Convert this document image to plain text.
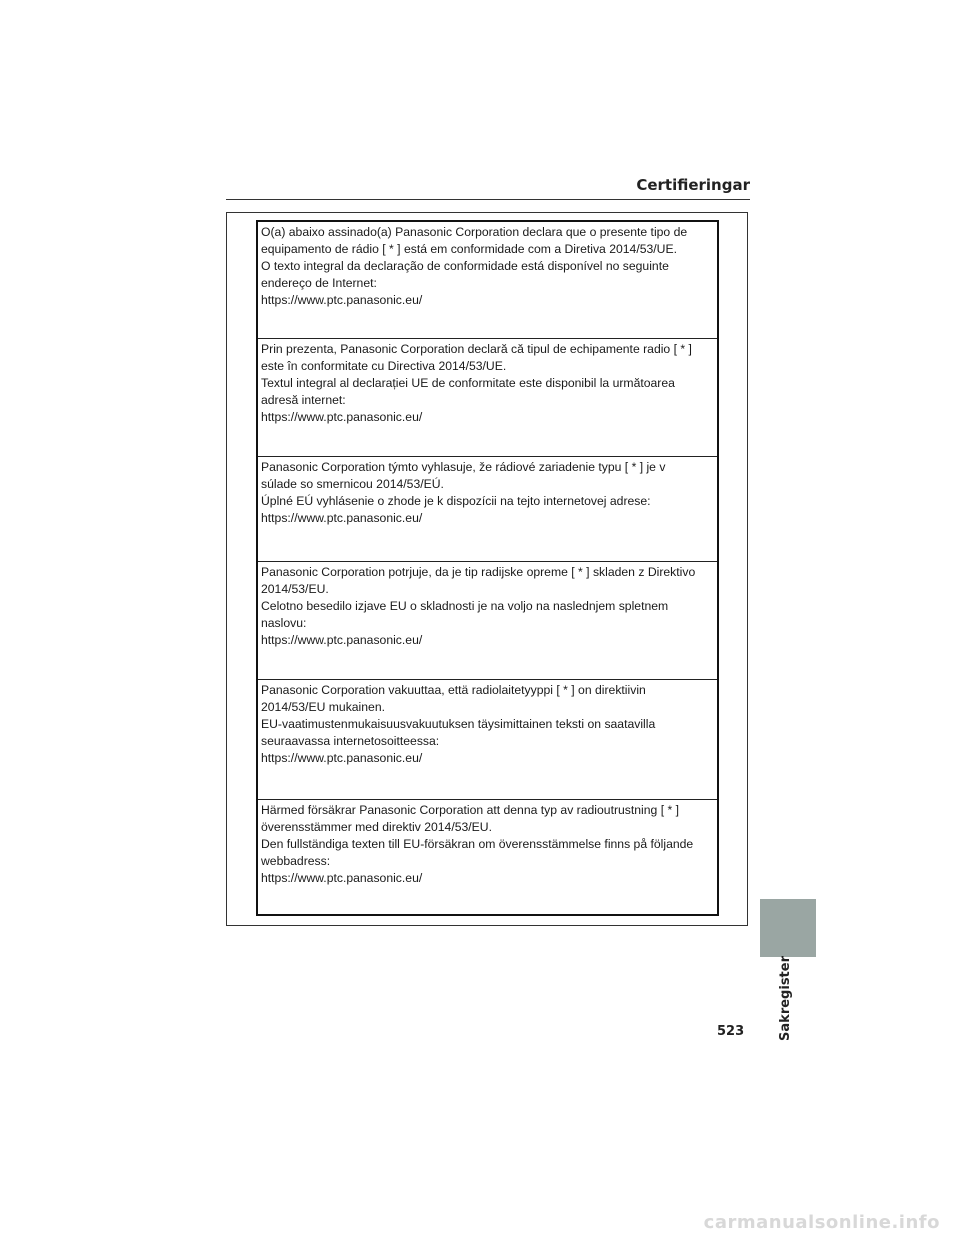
Certifieringar

O(a) abaixo assinado(a) Panasonic Corporation declara que o presente tipo de

equipamento de rádio [ * ] está em conformidade com a Diretiva 2014/53/UE.

O texto integral da declaração de conformidade está disponível no seguinte

endereço de Internet:

https://www.ptc.panasonic.eu/

Prin prezenta, Panasonic Corporation declară că tipul de echipamente radio [ * ]

este în conformitate cu Directiva 2014/53/UE.

Textul integral al declarației UE de conformitate este disponibil la următoarea

adresă internet:

https://www.ptc.panasonic.eu/

Panasonic Corporation týmto vyhlasuje, že rádiové zariadenie typu [ * ] je v

súlade so smernicou 2014/53/EÚ.

Úplné EÚ vyhlásenie o zhode je k dispozícii na tejto internetovej adrese:

https://www.ptc.panasonic.eu/

Panasonic Corporation potrjuje, da je tip radijske opreme [ * ] skladen z Direktivo

2014/53/EU.

Celotno besedilo izjave EU o skladnosti je na voljo na naslednjem spletnem

naslovu:

https://www.ptc.panasonic.eu/

Panasonic Corporation vakuuttaa, että radiolaitetyyppi [ * ] on direktiivin

2014/53/EU mukainen.

EU-vaatimustenmukaisuusvakuutuksen täysimittainen teksti on saatavilla

seuraavassa internetosoitteessa:

https://www.ptc.panasonic.eu/

Härmed försäkrar Panasonic Corporation att denna typ av radioutrustning [ * ]

överensstämmer med direktiv 2014/53/EU.

Den fullständiga texten till EU-försäkran om överensstämmelse finns på följande

webbadress:

https://www.ptc.panasonic.eu/

Sakregister
523
carmanualsonline.info
